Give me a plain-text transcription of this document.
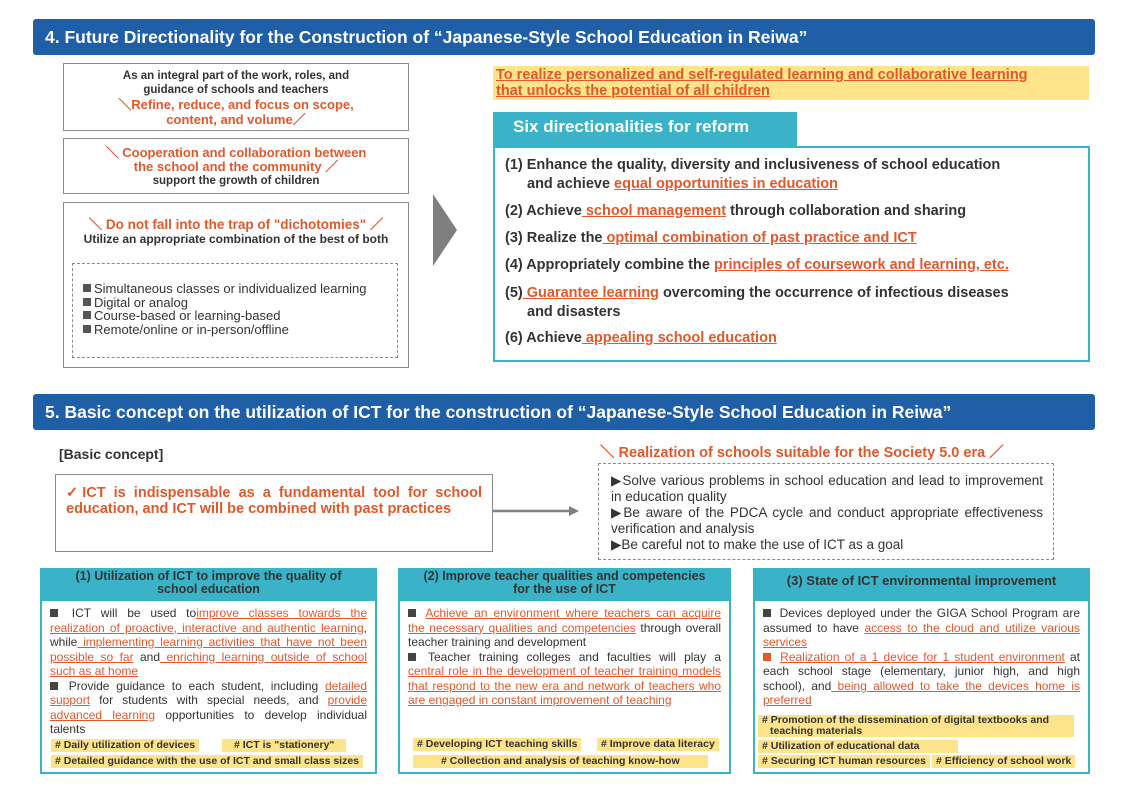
4. Future Directionality for the Construction of “Japanese-Style School Education in Reiwa”
As an integral part of the work, roles, and
guidance of schools and teachers
＼Refine, reduce, and focus on scope,
content, and volume／
＼ Cooperation and collaboration between
the school and the community ／
support the growth of children
＼ Do not fall into the trap of "dichotomies" ／
Utilize an appropriate combination of the best of both
Simultaneous classes or individualized learning
Digital or analog
Course-based or learning-based
Remote/online or in-person/offline
To realize personalized and self-regulated learning and collaborative learning
that unlocks the potential of all children
Six directionalities for reform
(1) Enhance the quality, diversity and inclusiveness of school education
and achieve equal opportunities in education
(2) Achieve school management through collaboration and sharing
(3) Realize the optimal combination of past practice and ICT
(4) Appropriately combine the principles of coursework and learning, etc.
(5) Guarantee learning overcoming the occurrence of infectious diseases
and disasters
(6) Achieve appealing school education
5. Basic concept on the utilization of ICT for the construction of “Japanese-Style School Education in Reiwa”
[Basic concept]
✓ICT is indispensable as a fundamental tool for school education, and ICT will be combined with past practices
＼ Realization of schools suitable for the Society 5.0 era ／
▶Solve various problems in school education and lead to improvement in education quality
▶Be aware of the PDCA cycle and conduct appropriate effectiveness verification and analysis
▶Be careful not to make the use of ICT as a goal
(1) Utilization of ICT to improve the quality of
school education

ICT will be used toimprove classes towards the realization of proactive, interactive and authentic learning, while implementing learning activities that have not been possible so far and enriching learning outside of school such as at home

Provide guidance to each student, including detailed support for students with special needs, and provide advanced learning opportunities to develop individual talents

# Daily utilization of devices	# ICT is "stationery"
# Detailed guidance with the use of ICT and small class sizes
(2) Improve teacher qualities and competencies
for the use of ICT

Achieve an environment where teachers can acquire the necessary qualities and competencies through overall teacher training and development

Teacher training colleges and faculties will play a central role in the development of teacher training models that respond to the new era and network of teachers who are engaged in constant improvement of teaching

# Developing ICT teaching skills	# Improve data literacy
# Collection and analysis of teaching know-how
(3) State of ICT environmental improvement

Devices deployed under the GIGA School Program are assumed to have access to the cloud and utilize various services

Realization of a 1 device for 1 student environment at each school stage (elementary, junior high, and high school), and being allowed to take the devices home is preferred

# Promotion of the dissemination of digital textbooks and
teaching materials
# Utilization of educational data
# Securing ICT human resources # Efficiency of school work
